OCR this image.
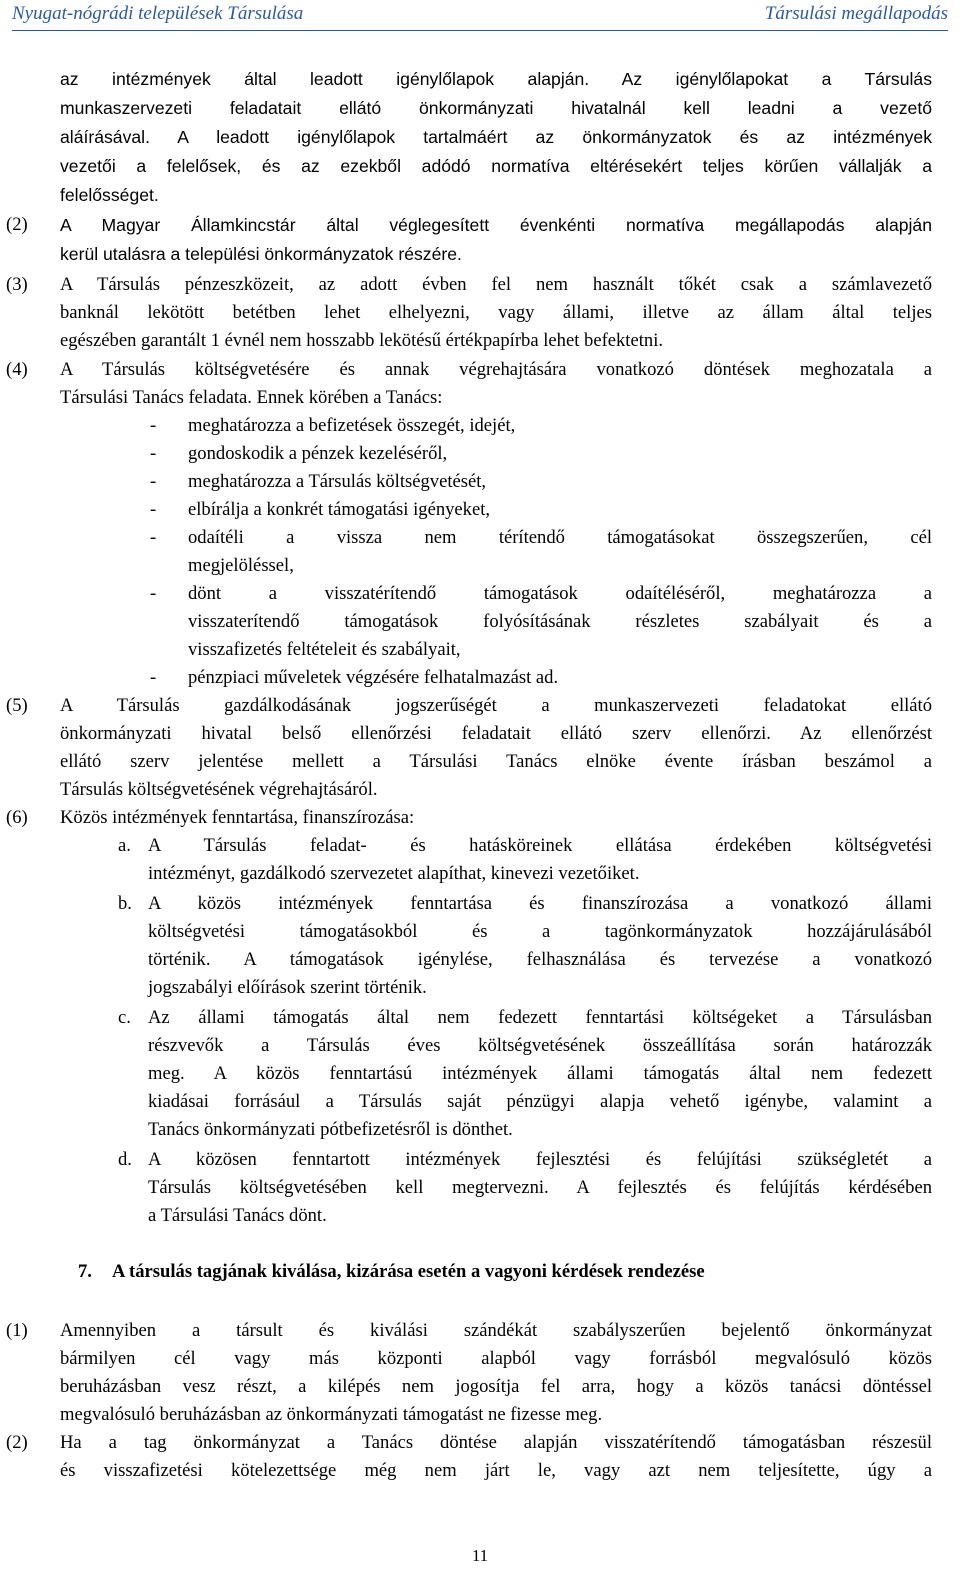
Nyugat-nógrádi települések Társulása	Társulási megállapodás
az intézmények által leadott igénylőlapok alapján. Az igénylőlapokat a Társulás
munkaszervezeti feladatait ellátó önkormányzati hivatalnál kell leadni a vezető
aláírásával. A leadott igénylőlapok tartalmáért az önkormányzatok és az intézmények
vezetői a felelősek, és az ezekből adódó normatíva eltérésekért teljes körűen vállalják a
felelősséget.
(2) A Magyar Államkincstár által véglegesített évenkénti normatíva megállapodás alapján
kerül utalásra a települési önkormányzatok részére.
(3) A Társulás pénzeszközeit, az adott évben fel nem használt tőkét csak a számlavezető
banknál lekötött betétben lehet elhelyezni, vagy állami, illetve az állam által teljes
egészében garantált 1 évnél nem hosszabb lekötésű értékpapírba lehet befektetni.
(4) A Társulás költségvetésére és annak végrehajtására vonatkozó döntések meghozatala a
Társulási Tanács feladata. Ennek körében a Tanács:
- meghatározza a befizetések összegét, idejét,
- gondoskodik a pénzek kezeléséről,
- meghatározza a Társulás költségvetését,
- elbírálja a konkrét támogatási igényeket,
- odaítéli a vissza nem térítendő támogatásokat összegszerűen, cél
megjelöléssel,
- dönt a visszatérítendő támogatások odaítéléséről, meghatározza a
visszaterítendő támogatások folyósításának részletes szabályait és a
visszafizetés feltételeit és szabályait,
- pénzpiaci műveletek végzésére felhatalmazást ad.
(5) A Társulás gazdálkodásának jogszerűségét a munkaszervezeti feladatokat ellátó
önkormányzati hivatal belső ellenőrzési feladatait ellátó szerv ellenőrzi. Az ellenőrzést
ellátó szerv jelentése mellett a Társulási Tanács elnöke évente írásban beszámol a
Társulás költségvetésének végrehajtásáról.
(6) Közös intézmények fenntartása, finanszírozása:
a. A Társulás feladat- és hatásköreinek ellátása érdekében költségvetési
intézményt, gazdálkodó szervezetet alapíthat, kinevezi vezetőiket.
b. A közös intézmények fenntartása és finanszírozása a vonatkozó állami
költségvetési támogatásokból és a tagönkormányzatok hozzájárulásából
történik. A támogatások igénylése, felhasználása és tervezése a vonatkozó
jogszabályi előírások szerint történik.
c. Az állami támogatás által nem fedezett fenntartási költségeket a Társulásban
részvevők a Társulás éves költségvetésének összeállítása során határozzák
meg. A közös fenntartású intézmények állami támogatás által nem fedezett
kiadásai forrásául a Társulás saját pénzügyi alapja vehető igénybe, valamint a
Tanács önkormányzati pótbefizetésről is dönthet.
d. A közösen fenntartott intézmények fejlesztési és felújítási szükségletét a
Társulás költségvetésében kell megtervezni. A fejlesztés és felújítás kérdésében
a Társulási Tanács dönt.
7. A társulás tagjának kiválása, kizárása esetén a vagyoni kérdések rendezése
(1) Amennyiben a társult és kiválási szándékát szabályszerűen bejelentő önkormányzat
bármilyen cél vagy más központi alapból vagy forrásból megvalósuló közös
beruházásban vesz részt, a kilépés nem jogosítja fel arra, hogy a közös tanácsi döntéssel
megvalósuló beruházásban az önkormányzati támogatást ne fizesse meg.
(2) Ha a tag önkormányzat a Tanács döntése alapján visszatérítendő támogatásban részesül
és visszafizetési kötelezettsége még nem járt le, vagy azt nem teljesítette, úgy a
11
